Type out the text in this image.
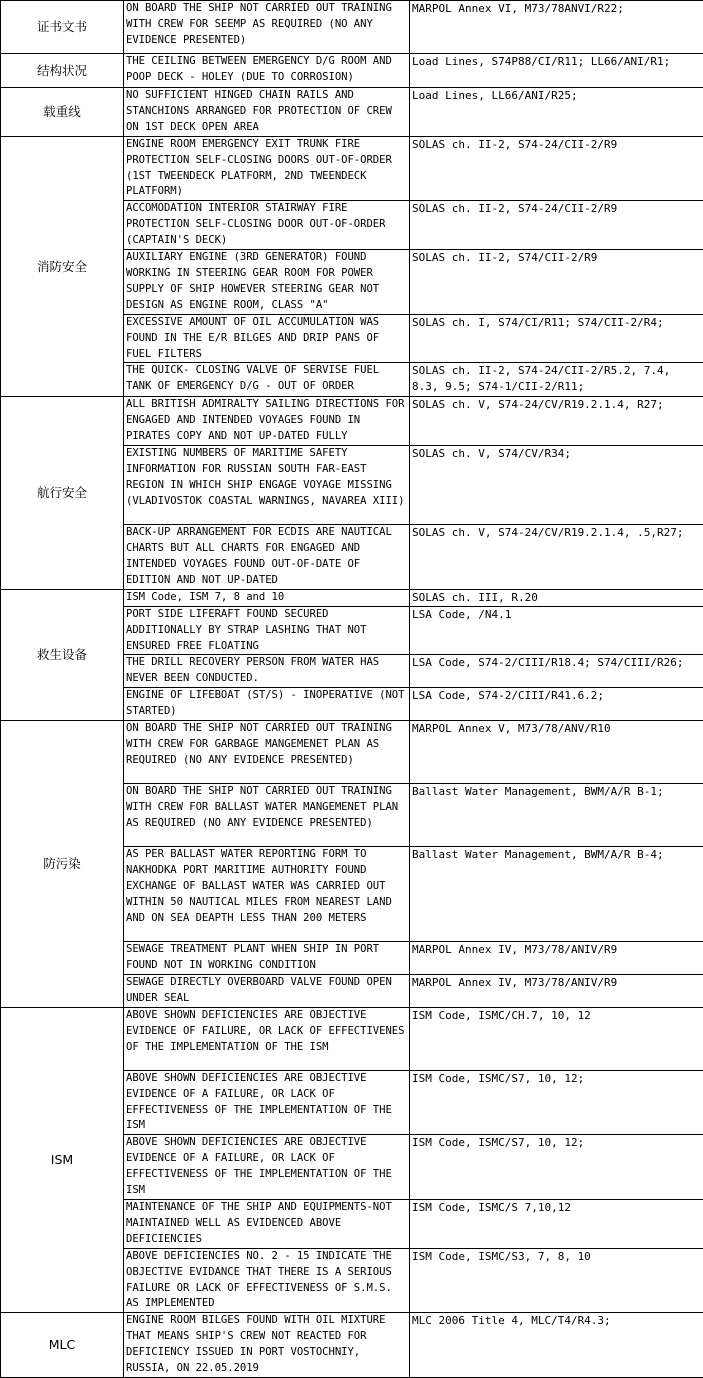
证书文书	ON BOARD THE SHIP NOT CARRIED OUT TRAINING WITH CREW FOR SEEMP AS REQUIRED (NO ANY EVIDENCE PRESENTED)	MARPOL Annex VI, M73/78ANVI/R22;
结构状况	THE CEILING BETWEEN EMERGENCY D/G ROOM AND POOP DECK - HOLEY (DUE TO CORROSION)	Load Lines, S74P88/CI/R11; LL66/ANI/R1;
载重线	NO SUFFICIENT HINGED CHAIN RAILS AND STANCHIONS ARRANGED FOR PROTECTION OF CREW ON 1ST DECK OPEN AREA	Load Lines, LL66/ANI/R25;
消防安全	ENGINE ROOM EMERGENCY EXIT TRUNK FIRE PROTECTION SELF-CLOSING DOORS OUT-OF-ORDER (1ST TWEENDECK PLATFORM, 2ND TWEENDECK PLATFORM)	SOLAS ch. II-2, S74-24/CII-2/R9
	ACCOMODATION INTERIOR STAIRWAY FIRE PROTECTION SELF-CLOSING DOOR OUT-OF-ORDER (CAPTAIN'S DECK)	SOLAS ch. II-2, S74-24/CII-2/R9
	AUXILIARY ENGINE (3RD GENERATOR) FOUND WORKING IN STEERING GEAR ROOM FOR POWER SUPPLY OF SHIP HOWEVER STEERING GEAR NOT DESIGN AS ENGINE ROOM, CLASS "A"	SOLAS ch. II-2, S74/CII-2/R9
	EXCESSIVE AMOUNT OF OIL ACCUMULATION WAS FOUND IN THE E/R BILGES AND DRIP PANS OF FUEL FILTERS	SOLAS ch. I, S74/CI/R11; S74/CII-2/R4;
	THE QUICK- CLOSING VALVE OF SERVISE FUEL TANK OF EMERGENCY D/G - OUT OF ORDER	SOLAS ch. II-2, S74-24/CII-2/R5.2, 7.4, 8.3, 9.5; S74-1/CII-2/R11;
航行安全	ALL BRITISH ADMIRALTY SAILING DIRECTIONS FOR ENGAGED AND INTENDED VOYAGES FOUND IN PIRATES COPY AND NOT UP-DATED FULLY	SOLAS ch. V, S74-24/CV/R19.2.1.4, R27;
	EXISTING NUMBERS OF MARITIME SAFETY INFORMATION FOR RUSSIAN SOUTH FAR-EAST REGION IN WHICH SHIP ENGAGE VOYAGE MISSING (VLADIVOSTOK COASTAL WARNINGS, NAVAREA XIII)	SOLAS ch. V, S74/CV/R34;
	BACK-UP ARRANGEMENT FOR ECDIS ARE NAUTICAL CHARTS BUT ALL CHARTS FOR ENGAGED AND INTENDED VOYAGES FOUND OUT-OF-DATE OF EDITION AND NOT UP-DATED	SOLAS ch. V, S74-24/CV/R19.2.1.4, .5,R27;
救生设备	ISM Code, ISM 7, 8 and 10	SOLAS ch. III, R.20
	PORT SIDE LIFERAFT FOUND SECURED ADDITIONALLY BY STRAP LASHING THAT NOT ENSURED FREE FLOATING	LSA Code, /N4.1
	THE DRILL RECOVERY PERSON FROM WATER HAS NEVER BEEN CONDUCTED.	LSA Code, S74-2/CIII/R18.4; S74/CIII/R26;
	ENGINE OF LIFEBOAT (ST/S) - INOPERATIVE (NOT STARTED)	LSA Code, S74-2/CIII/R41.6.2;
防污染	ON BOARD THE SHIP NOT CARRIED OUT TRAINING WITH CREW FOR GARBAGE MANGEMENET PLAN AS REQUIRED (NO ANY EVIDENCE PRESENTED)	MARPOL Annex V, M73/78/ANV/R10
	ON BOARD THE SHIP NOT CARRIED OUT TRAINING WITH CREW FOR BALLAST WATER MANGEMENET PLAN AS REQUIRED (NO ANY EVIDENCE PRESENTED)	Ballast Water Management, BWM/A/R B-1;
	AS PER BALLAST WATER REPORTING FORM TO NAKHODKA PORT MARITIME AUTHORITY FOUND EXCHANGE OF BALLAST WATER WAS CARRIED OUT WITHIN 50 NAUTICAL MILES FROM NEAREST LAND AND ON SEA DEAPTH LESS THAN 200 METERS	Ballast Water Management, BWM/A/R B-4;
	SEWAGE TREATMENT PLANT WHEN SHIP IN PORT FOUND NOT IN WORKING CONDITION	MARPOL Annex IV, M73/78/ANIV/R9
	SEWAGE DIRECTLY OVERBOARD VALVE FOUND OPEN UNDER SEAL	MARPOL Annex IV, M73/78/ANIV/R9
ISM	ABOVE SHOWN DEFICIENCIES ARE OBJECTIVE EVIDENCE OF FAILURE, OR LACK OF EFFECTIVENES OF THE IMPLEMENTATION OF THE ISM	ISM Code, ISMC/CH.7, 10, 12
	ABOVE SHOWN DEFICIENCIES ARE OBJECTIVE EVIDENCE OF A FAILURE, OR LACK OF EFFECTIVENESS OF THE IMPLEMENTATION OF THE ISM	ISM Code, ISMC/S7, 10, 12;
	ABOVE SHOWN DEFICIENCIES ARE OBJECTIVE EVIDENCE OF A FAILURE, OR LACK OF EFFECTIVENESS OF THE IMPLEMENTATION OF THE ISM	ISM Code, ISMC/S7, 10, 12;
	MAINTENANCE OF THE SHIP AND EQUIPMENTS-NOT MAINTAINED WELL AS EVIDENCED ABOVE DEFICIENCIES	ISM Code, ISMC/S 7,10,12
	ABOVE DEFICIENCIES NO. 2 - 15 INDICATE THE OBJECTIVE EVIDANCE THAT THERE IS A SERIOUS FAILURE OR LACK OF EFFECTIVENESS OF S.M.S. AS IMPLEMENTED	ISM Code, ISMC/S3, 7, 8, 10
MLC	ENGINE ROOM BILGES FOUND WITH OIL MIXTURE THAT MEANS SHIP'S CREW NOT REACTED FOR DEFICIENCY ISSUED IN PORT VOSTOCHNIY, RUSSIA, ON 22.05.2019	MLC 2006 Title 4, MLC/T4/R4.3;
